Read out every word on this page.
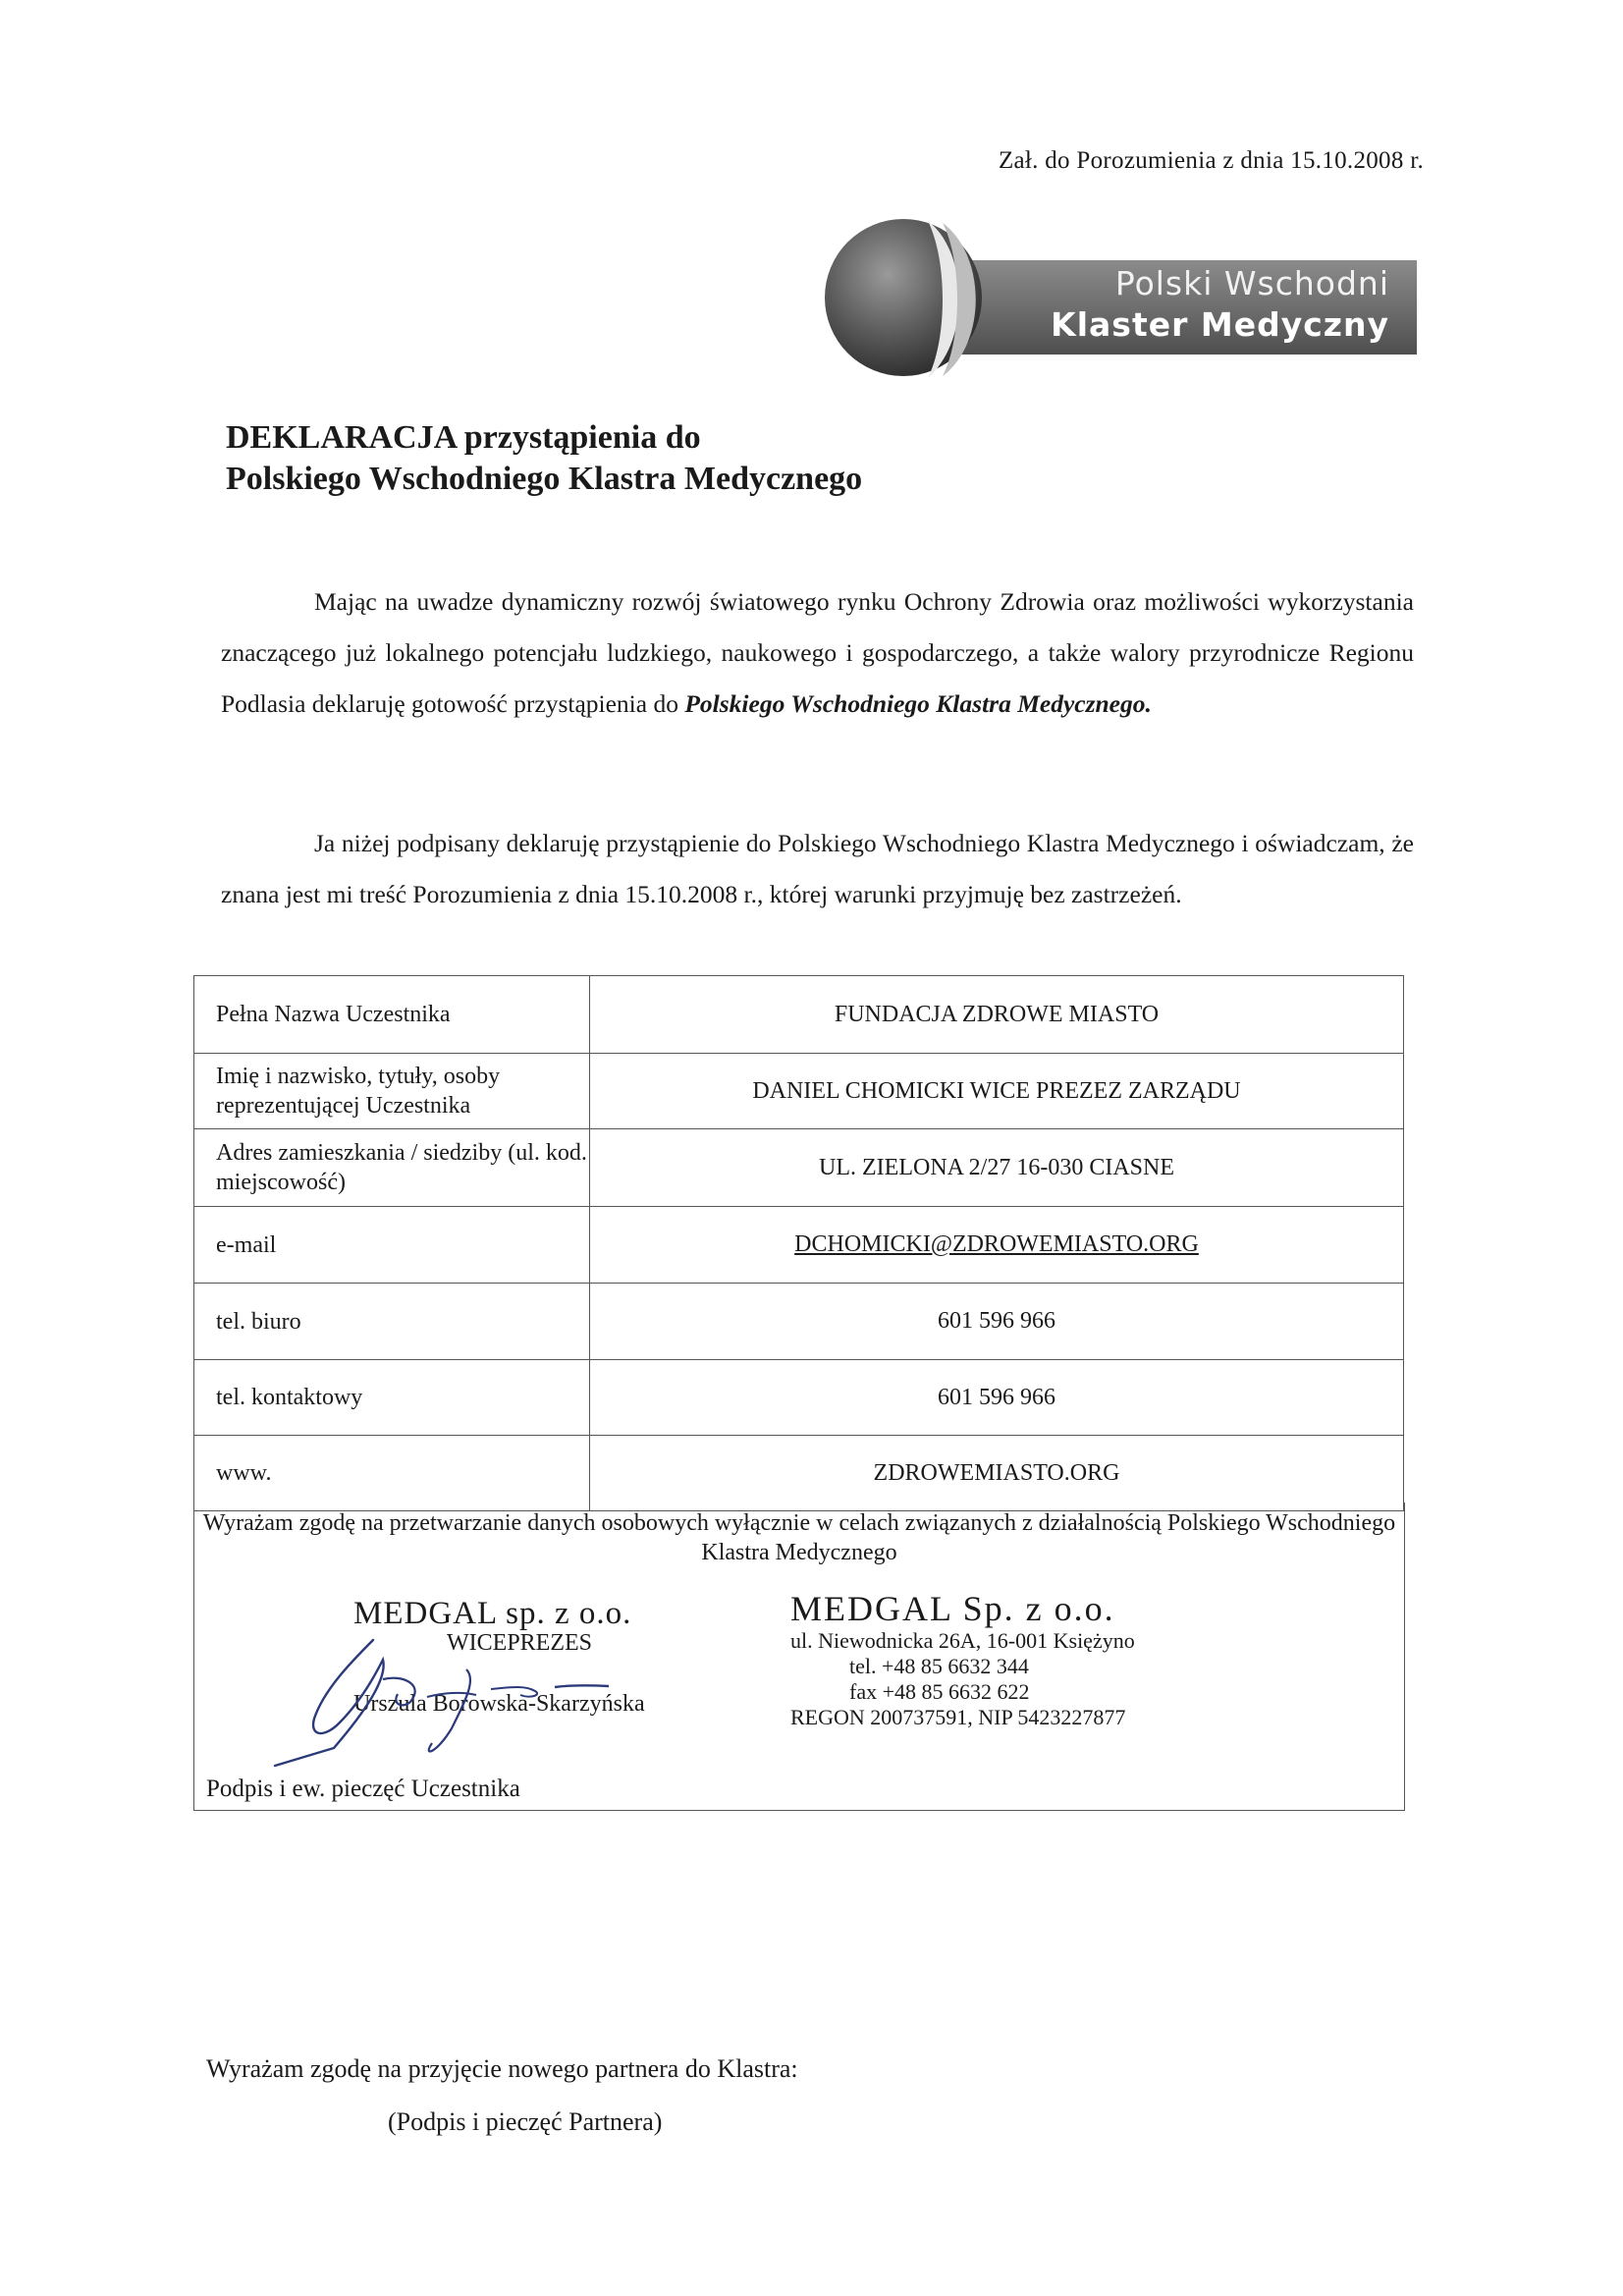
Zał. do Porozumienia z dnia 15.10.2008 r.
Polski Wschodni
Klaster Medyczny
DEKLARACJA przystąpienia do
Polskiego Wschodniego Klastra Medycznego
Mając na uwadze dynamiczny rozwój światowego rynku Ochrony Zdrowia oraz możliwości wykorzystania znaczącego już lokalnego potencjału ludzkiego, naukowego i gospodarczego, a także walory przyrodnicze Regionu Podlasia deklaruję gotowość przystąpienia do Polskiego Wschodniego Klastra Medycznego.
Ja niżej podpisany deklaruję przystąpienie do Polskiego Wschodniego Klastra Medycznego i oświadczam, że znana jest mi treść Porozumienia z dnia 15.10.2008 r., której warunki przyjmuję bez zastrzeżeń.
Pełna Nazwa Uczestnika	FUNDACJA ZDROWE MIASTO
Imię i nazwisko, tytuły, osoby reprezentującej Uczestnika	DANIEL CHOMICKI WICE PREZEZ ZARZĄDU
Adres zamieszkania / siedziby (ul. kod. miejscowość)	UL. ZIELONA 2/27 16-030 CIASNE
e-mail	DCHOMICKI@ZDROWEMIASTO.ORG
tel. biuro	601 596 966
tel. kontaktowy	601 596 966
www.	ZDROWEMIASTO.ORG
Wyrażam zgodę na przetwarzanie danych osobowych wyłącznie w celach związanych z działalnością Polskiego Wschodniego Klastra Medycznego
MEDGAL sp. z o.o.
WICEPREZES
Urszula Borowska-Skarzyńska
MEDGAL Sp. z o.o.
ul. Niewodnicka 26A, 16-001 Księżyno
tel. +48 85 6632 344
fax +48 85 6632 622
REGON 200737591, NIP 5423227877
Podpis i ew. pieczęć Uczestnika
Wyrażam zgodę na przyjęcie nowego partnera do Klastra:
(Podpis i pieczęć Partnera)
